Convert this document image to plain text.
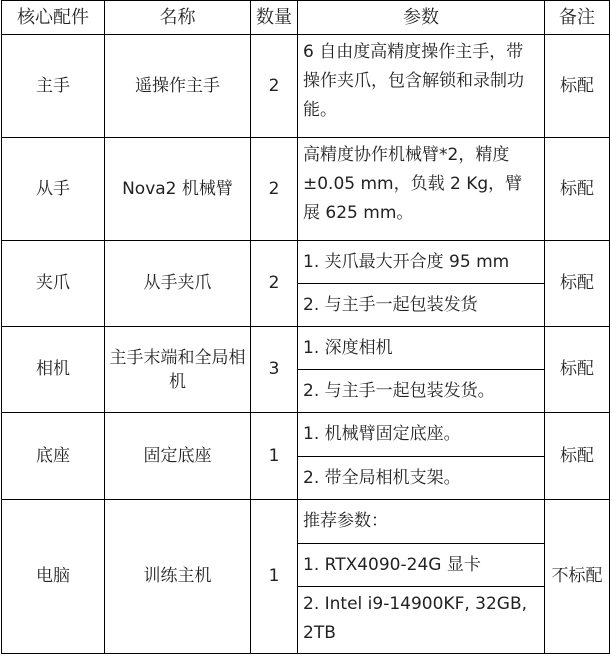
核心配件	名称	数量	参数	备注
主手	遥操作主手	2	6 自由度高精度操作主手，带操作夹爪，包含解锁和录制功能。	标配
从手	Nova2 机械臂	2	高精度协作机械臂*2，精度±0.05 mm，负载 2 Kg，臂展 625 mm。	标配
夹爪	从手夹爪	2	1. 夹爪最大开合度 95 mm	标配
			2. 与主手一起包装发货	
相机	主手末端和全局相机	3	1. 深度相机	标配
			2. 与主手一起包装发货。	
底座	固定底座	1	1. 机械臂固定底座。	标配
			2. 带全局相机支架。	
电脑	训练主机	1	推荐参数：	不标配
			1. RTX4090-24G 显卡	
			2. Intel i9-14900KF, 32GB, 2TB	
